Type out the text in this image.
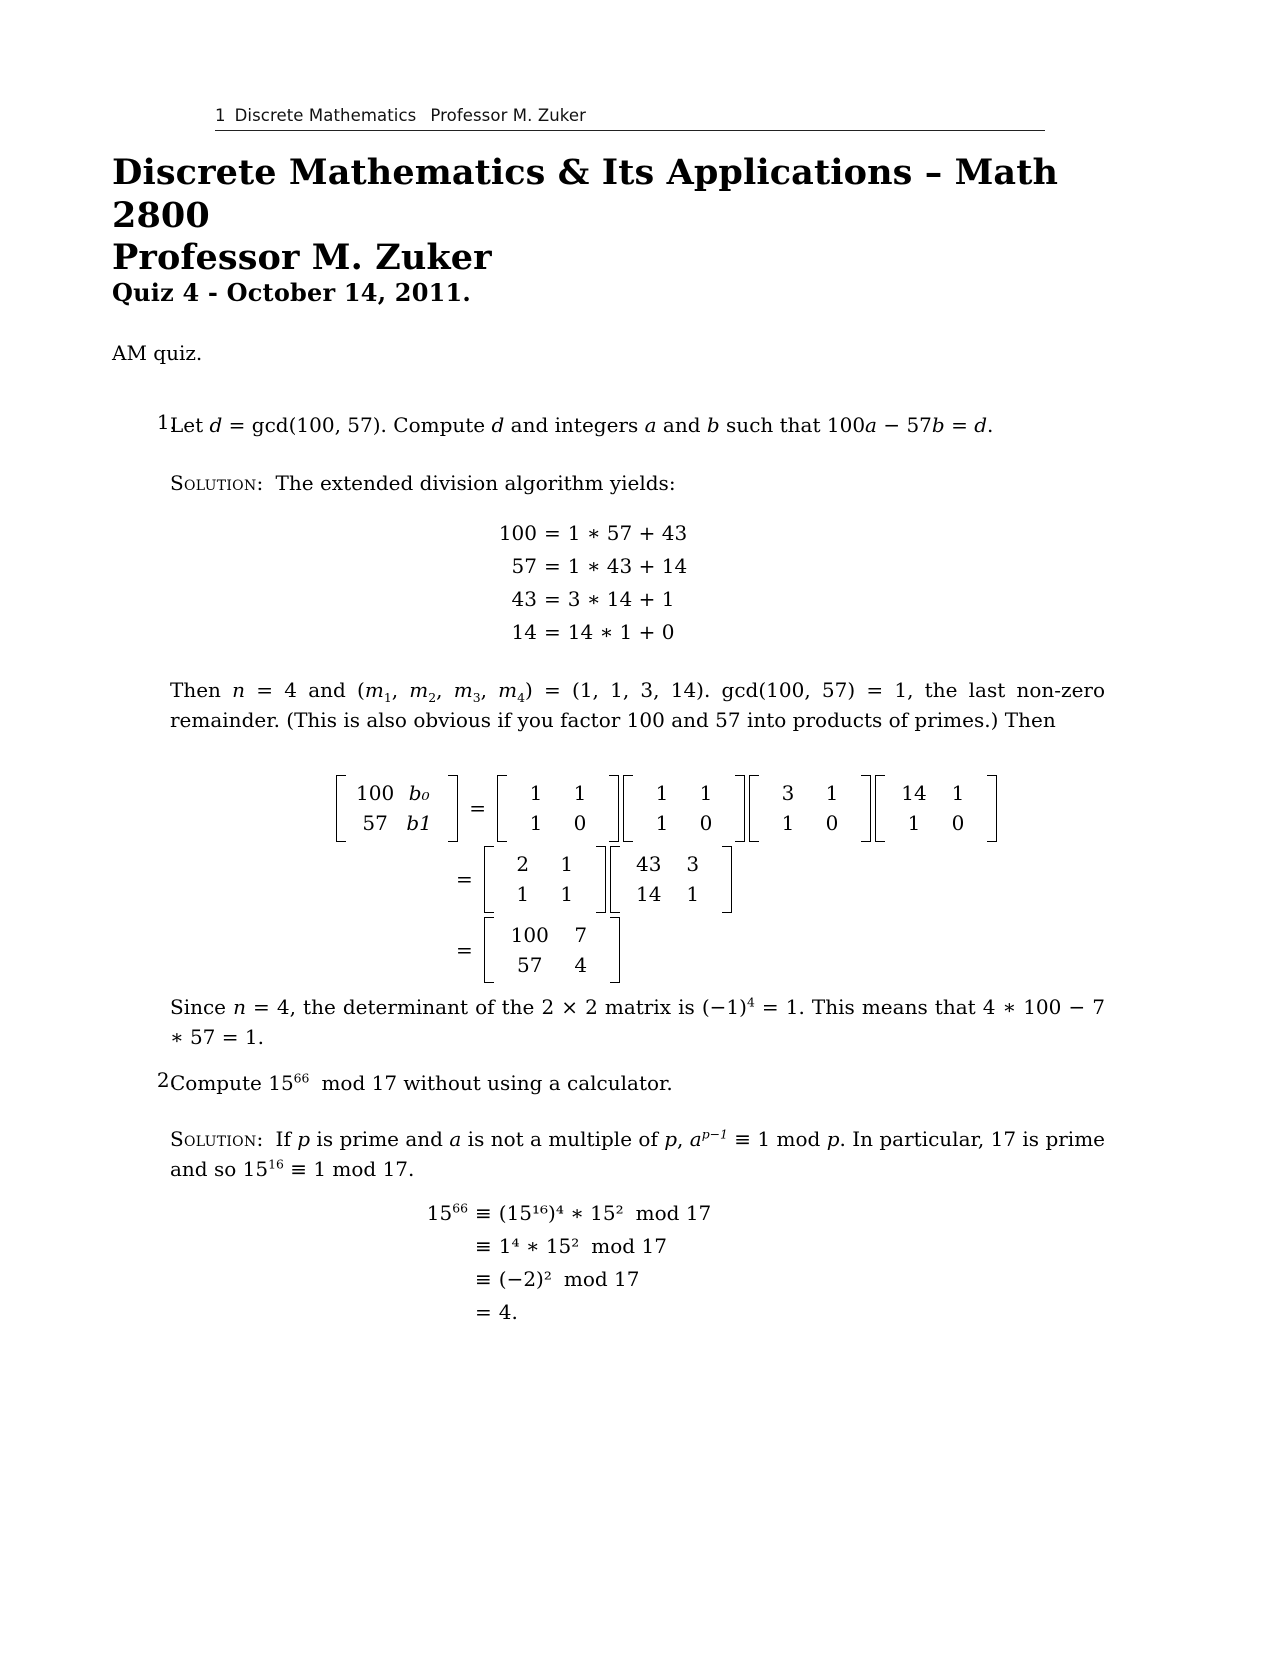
1 Discrete Mathematics Professor M. Zuker
Discrete Mathematics & Its Applications – Math 2800
Professor M. Zuker
Quiz 4 - October 14, 2011.
AM quiz.
1.
Let d = gcd(100, 57). Compute d and integers a and b such that 100a − 57b = d.
Solution: The extended division algorithm yields:
100 = 1 ∗ 57 + 43
57 = 1 ∗ 43 + 14
43 = 3 ∗ 14 + 1
14 = 14 ∗ 1 + 0
Then n = 4 and ($m_1$, $m_2$, $m_3$, $m_4) = (1$, 1, 3, 14). gcd(100, 57) = 1, the last non-zero remainder. (This is also obvious if you factor 100 and 57 into products of primes.) Then
100 b₀
57 b1
=
1	1
1	0
1	1
1	0
3	1
1	0
14	1
1	0
=
2	1
1	1
43	3
14	1
=
100	7
57	4
Since n = 4, the determinant of the 2 × 2 matrix is $(-1)^4 = 1$. This means that 4 ∗ 100 − 7 ∗ 57 = 1.
2.
Compute $15^{66}$ mod 17 without using a calculator.
Solution: If p is prime and a is not a multiple of p, $a^{p-1} \equiv 1$ mod p. In particular, 17 is prime and so $15^{16} \equiv 1$ mod 17.
$15^{66} \equiv (15^{16})^4$ ∗ 15² mod 17
≡ 1⁴ ∗ 15² mod 17
≡ (−2)² mod 17
= 4.
